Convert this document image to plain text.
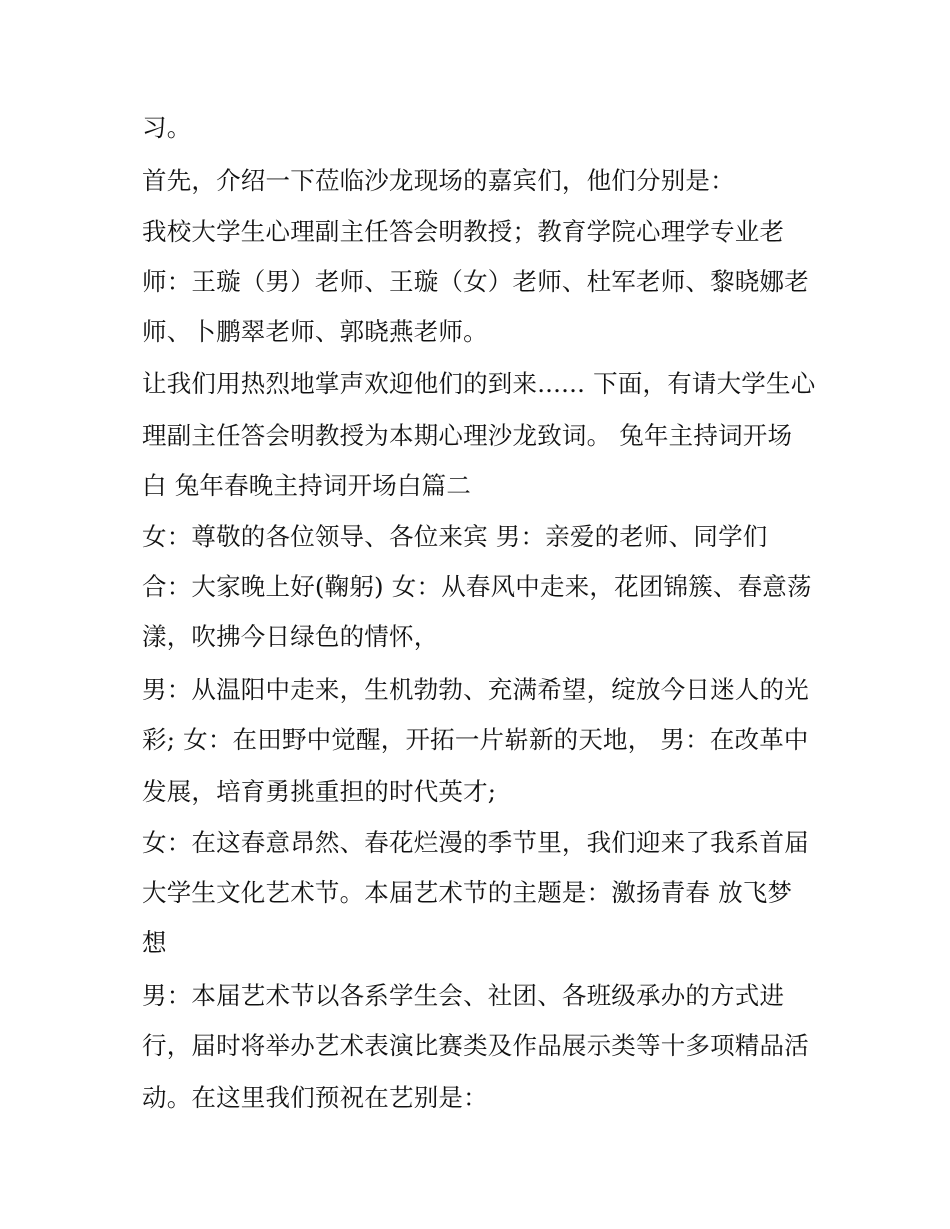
习。
首先，介绍一下莅临沙龙现场的嘉宾们，他们分别是：
我校大学生心理副主任答会明教授；教育学院心理学专业老
师：王璇（男）老师、王璇（女）老师、杜军老师、黎晓娜老
师、卜鹏翠老师、郭晓燕老师。
让我们用热烈地掌声欢迎他们的到来...... 下面，有请大学生心
理副主任答会明教授为本期心理沙龙致词。 兔年主持词开场
白 兔年春晚主持词开场白篇二
女：尊敬的各位领导、各位来宾 男：亲爱的老师、同学们
合：大家晚上好(鞠躬) 女：从春风中走来，花团锦簇、春意荡
漾，吹拂今日绿色的情怀，
男：从温阳中走来，生机勃勃、充满希望，绽放今日迷人的光
彩; 女：在田野中觉醒，开拓一片崭新的天地， 男：在改革中
发展，培育勇挑重担的时代英才;
女：在这春意昂然、春花烂漫的季节里，我们迎来了我系首届
大学生文化艺术节。本届艺术节的主题是：激扬青春 放飞梦
想
男：本届艺术节以各系学生会、社团、各班级承办的方式进
行，届时将举办艺术表演比赛类及作品展示类等十多项精品活
动。在这里我们预祝在艺别是：
